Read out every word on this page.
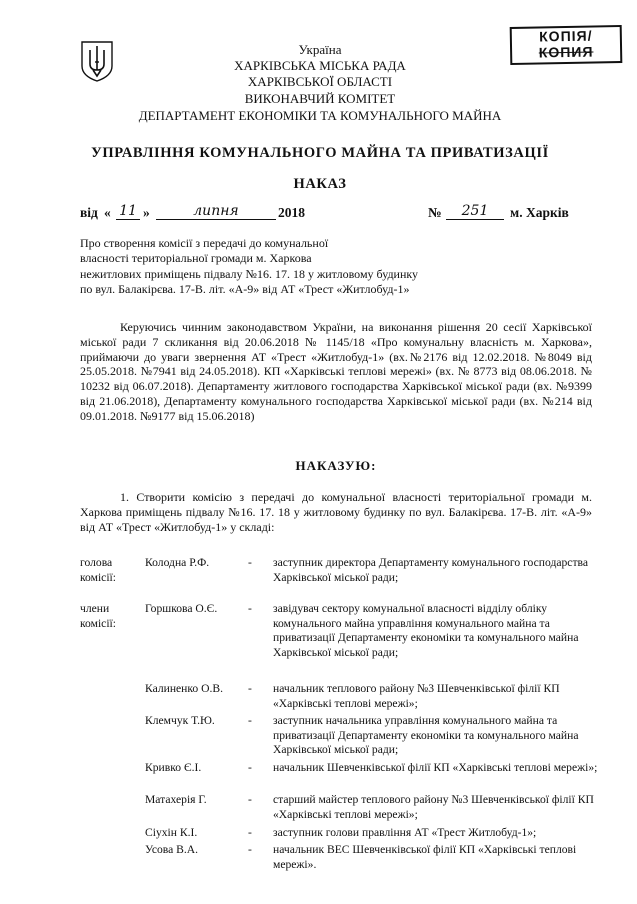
КОПІЯ/
КОПИЯ
Україна
ХАРКІВСЬКА МІСЬКА РАДА
ХАРКІВСЬКОЇ ОБЛАСТІ
ВИКОНАВЧИЙ КОМІТЕТ
ДЕПАРТАМЕНТ ЕКОНОМІКИ ТА КОМУНАЛЬНОГО МАЙНА
УПРАВЛІННЯ КОМУНАЛЬНОГО МАЙНА ТА ПРИВАТИЗАЦІЇ
НАКАЗ
від « 11 »	липня	2018	№	251	м. Харків
Про створення комісії з передачі до комунальної
власності територіальної громади м. Харкова
нежитлових приміщень підвалу №16. 17. 18 у житловому будинку
по вул. Балакірєва. 17-В. літ. «А-9» від АТ «Трест «Житлобуд-1»
Керуючись чинним законодавством України, на виконання рішення 20 сесії Харківської міської ради 7 скликання від 20.06.2018 № 1145/18 «Про комунальну власність м. Харкова», приймаючи до уваги звернення АТ «Трест «Житлобуд-1» (вх.№2176 від 12.02.2018. №8049 від 25.05.2018. №7941 від 24.05.2018). КП «Харківські теплові мережі» (вх. № 8773 від 08.06.2018. № 10232 від 06.07.2018). Департаменту житлового господарства Харківської міської ради (вх. №9399 від 21.06.2018), Департаменту комунального господарства Харківської міської ради (вх. №214 від 09.01.2018. №9177 від 15.06.2018)
НАКАЗУЮ:
1. Створити комісію з передачі до комунальної власності територіальної громади м. Харкова приміщень підвалу №16. 17. 18 у житловому будинку по вул. Балакірєва. 17-В. літ. «А-9» від АТ «Трест «Житлобуд-1» у складі:
голова комісії:
Колодна Р.Ф.	-	заступник директора Департаменту комунального господарства Харківської міської ради;
члени комісії:
Горшкова О.Є.	-	завідувач сектору комунальної власності відділу обліку комунального майна управління комунального майна та приватизації Департаменту економіки та комунального майна Харківської міської ради;
Калиненко О.В.	-	начальник теплового району №3 Шевченківської філії КП «Харківські теплові мережі»;
Клемчук Т.Ю.	-	заступник начальника управління комунального майна та приватизації Департаменту економіки та комунального майна Харківської міської ради;
Кривко Є.І.	-	начальник Шевченківської філії КП «Харківські теплові мережі»;
Матахерія Г.	-	старший майстер теплового району №3 Шевченківської філії КП «Харківські теплові мережі»;
Сіухін К.І.	-	заступник голови правління АТ «Трест Житлобуд-1»;
Усова В.А.	-	начальник ВЕС Шевченківської філії КП «Харківські теплові мережі».
